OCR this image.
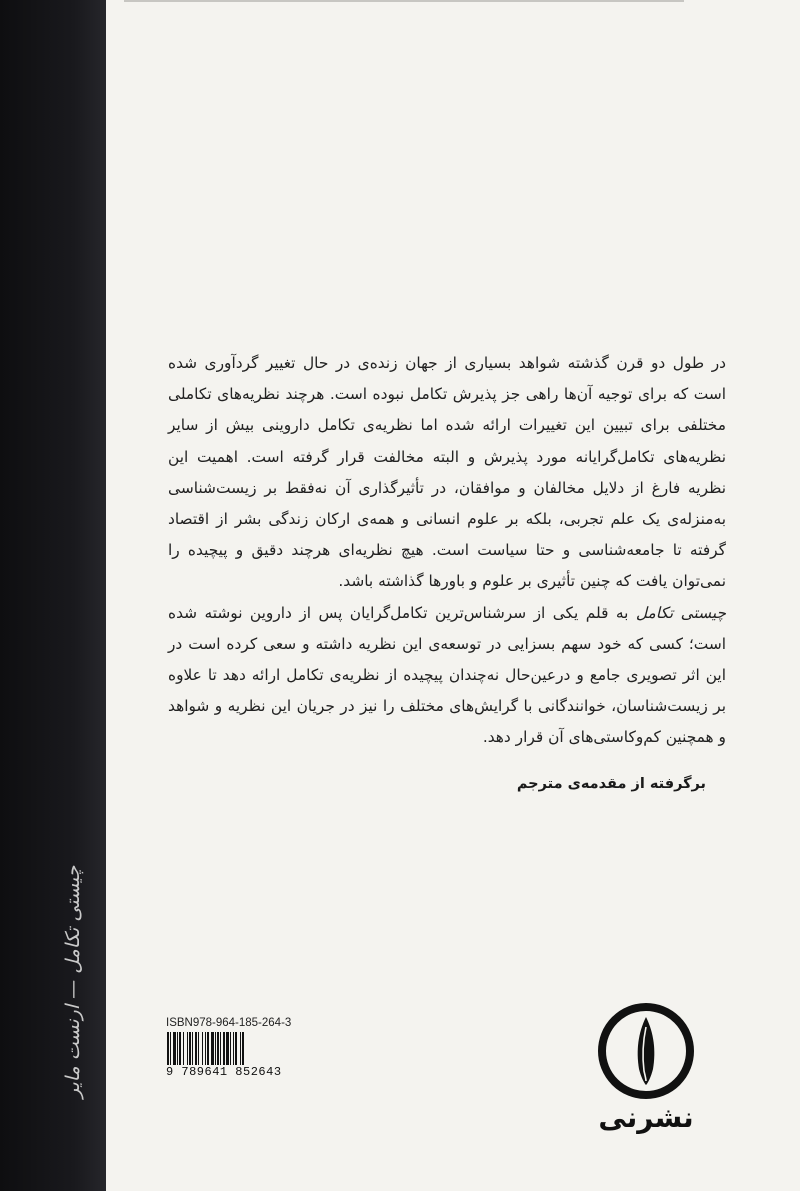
چیستی تکامل — ارنست مایر

در طول دو قرن گذشته شواهد بسیاری از جهان زنده‌ی در حال تغییر گردآوری شده است که برای توجیه آن‌ها راهی جز پذیرش تکامل نبوده است. هرچند نظریه‌های تکاملی مختلفی برای تبیین این تغییرات ارائه شده اما نظریه‌ی تکامل داروینی بیش از سایر نظریه‌های تکامل‌گرایانه مورد پذیرش و البته مخالفت قرار گرفته است. اهمیت این نظریه فارغ از دلایل مخالفان و موافقان، در تأثیرگذاری آن نه‌فقط بر زیست‌شناسی به‌منزله‌ی یک علم تجربی، بلکه بر علوم انسانی و همه‌ی ارکان زندگی بشر از اقتصاد گرفته تا جامعه‌شناسی و حتا سیاست است. هیچ نظریه‌ای هرچند دقیق و پیچیده را نمی‌توان یافت که چنین تأثیری بر علوم و باورها گذاشته باشد.

چیستی تکامل به قلم یکی از سرشناس‌ترین تکامل‌گرایان پس از داروین نوشته شده است؛ کسی که خود سهم بسزایی در توسعه‌ی این نظریه داشته و سعی کرده است در این اثر تصویری جامع و درعین‌حال نه‌چندان پیچیده از نظریه‌ی تکامل ارائه دهد تا علاوه بر زیست‌شناسان، خوانندگانی با گرایش‌های مختلف را نیز در جریان این نظریه و شواهد و همچنین کم‌وکاستی‌های آن قرار دهد.

برگرفته از مقدمه‌ی مترجم
ISBN978-964-185-264-3
9 789641 852643
نشرنی
